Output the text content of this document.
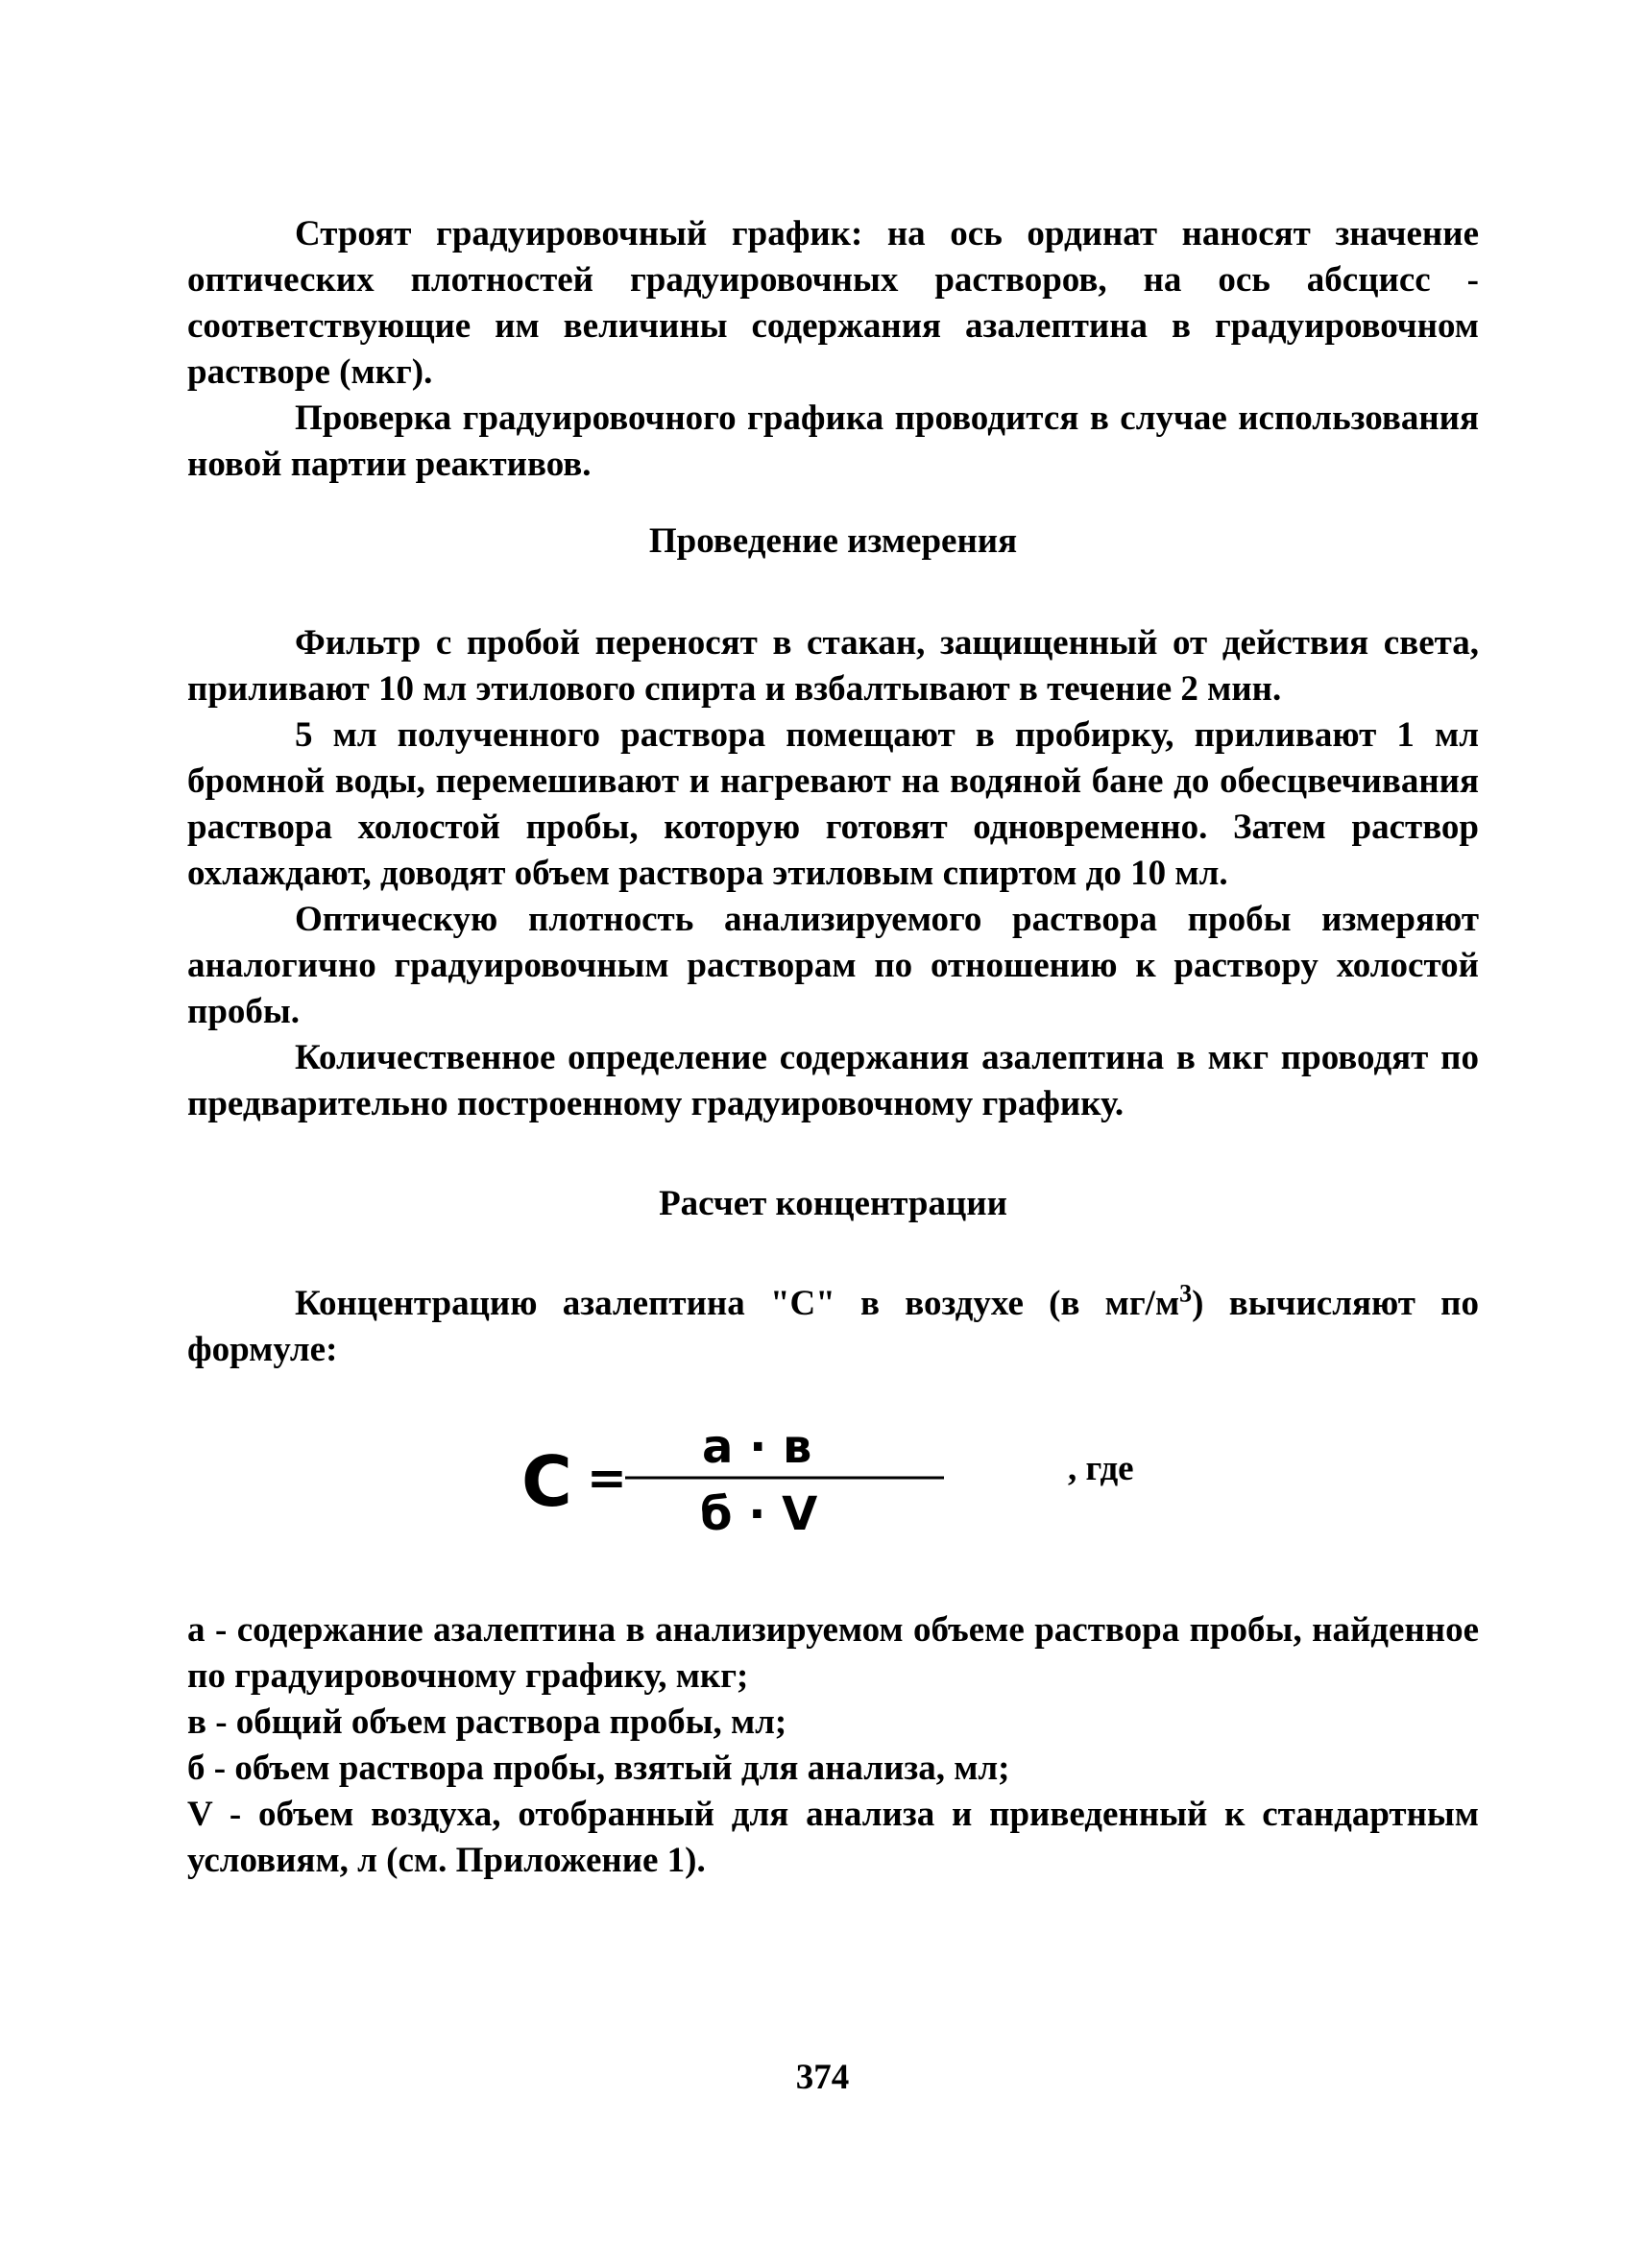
Строят градуировочный график: на ось ординат наносят значение оптических плотностей градуировочных растворов, на ось абсцисс - соответствующие им величины содержания азалептина в градуировочном растворе (мкг).

Проверка градуировочного графика проводится в случае использования новой партии реактивов.

Проведение измерения

Фильтр с пробой переносят в стакан, защищенный от действия света, приливают 10 мл этилового спирта и взбалтывают в течение 2 мин.

5 мл полученного раствора помещают в пробирку, приливают 1 мл бромной воды, перемешивают и нагревают на водяной бане до обесцвечивания раствора холостой пробы, которую готовят одновременно. Затем раствор охлаждают, доводят объем раствора этиловым спиртом до 10 мл.

Оптическую плотность анализируемого раствора пробы измеряют аналогично градуировочным растворам по отношению к раствору холостой пробы.

Количественное определение содержания азалептина в мкг проводят по предварительно построенному градуировочному графику.

Расчет концентрации

Концентрацию азалептина "С" в воздухе (в $мг/м^3$) вычисляют по формуле:

С =
а · в
б · V
, где

а - содержание азалептина в анализируемом объеме раствора пробы, найденное по градуировочному графику, мкг;

в - общий объем раствора пробы, мл;

б - объем раствора пробы, взятый для анализа, мл;

V - объем воздуха, отобранный для анализа и приведенный к стандартным условиям, л (см. Приложение 1).

374
